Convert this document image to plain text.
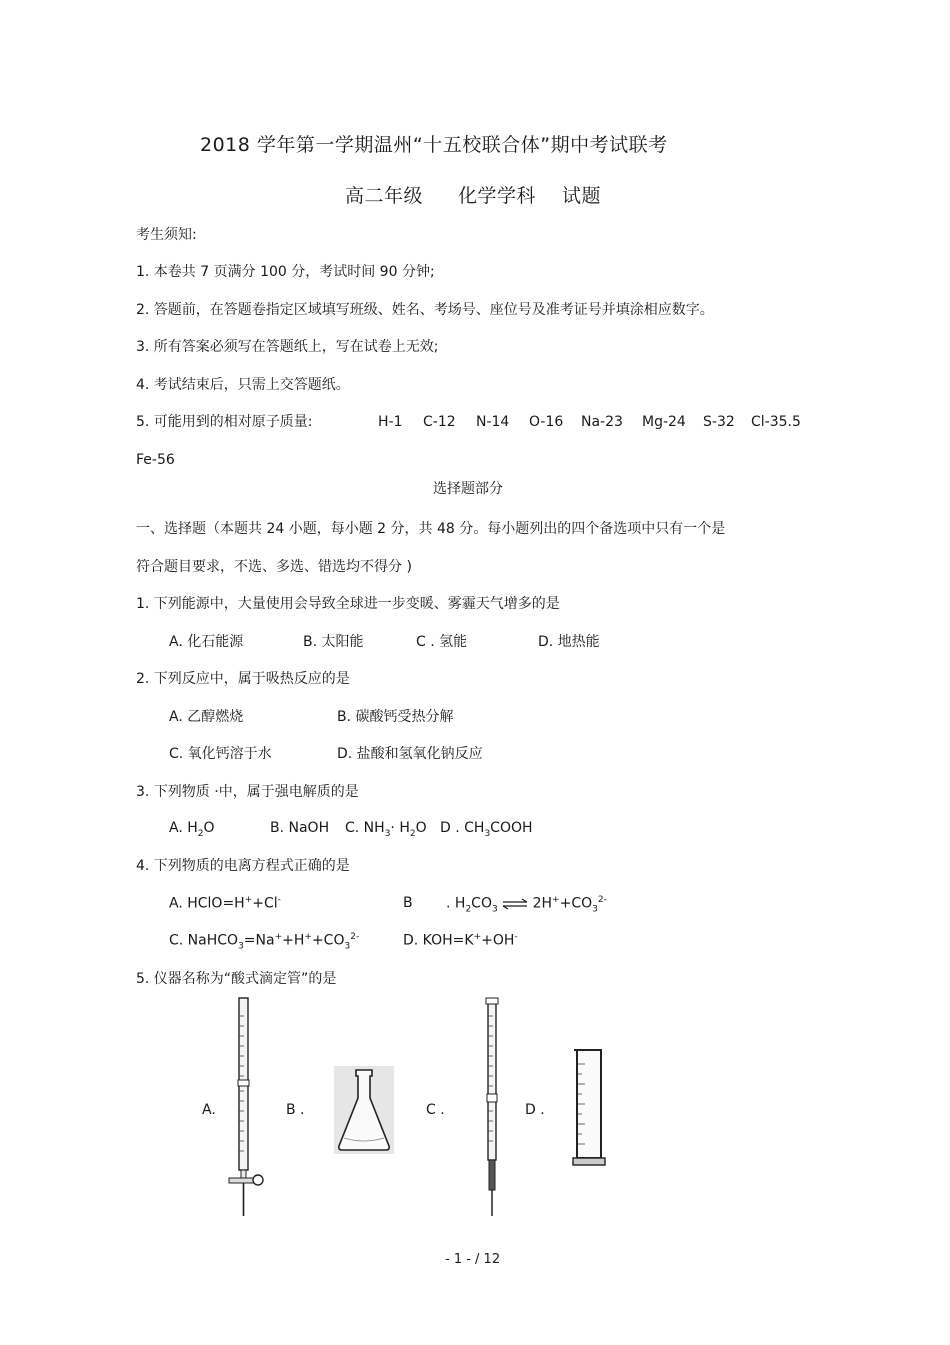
2018 学年第一学期温州“十五校联合体”期中考试联考
高二年级 化学学科 试题
考生须知:
1. 本卷共 7 页满分 100 分，考试时间 90 分钟;
2. 答题前，在答题卷指定区域填写班级、姓名、考场号、座位号及准考证号并填涂相应数字。
3. 所有答案必须写在答题纸上，写在试卷上无效;
4. 考试结束后，只需上交答题纸。
5. 可能用到的相对原子质量:	H-1 C-12 N-14 O-16 Na-23 Mg-24 S-32 Cl-35.5
Fe-56
选择题部分
一、选择题（本题共 24 小题，每小题 2 分，共 48 分。每小题列出的四个备选项中只有一个是
符合题目要求，不选、多选、错选均不得分 )
1. 下列能源中，大量使用会导致全球进一步变暖、雾霾天气增多的是
A. 化石能源	B. 太阳能	C . 氢能	D. 地热能
2. 下列反应中，属于吸热反应的是
A. 乙醇燃烧	B. 碳酸钙受热分解
C. 氧化钙溶于水	D. 盐酸和氢氧化钠反应
3. 下列物质 ·中，属于强电解质的是
A. $H_2O$	B. NaOH C. $NH_3\cdot H_2O$ D . $CH_3COOH$
4. 下列物质的电离方程式正确的是
A. HClO=H++Cl-	B . $H_2CO_3$ ⇌ $2H^++CO_3^{2-}$
C. $NaHCO_3=Na^++H^++CO_3^{2-}$	D. KOH=K++OH-
5. 仪器名称为“酸式滴定管”的是
A.	B .	C .	D .
- 1 - / 12
